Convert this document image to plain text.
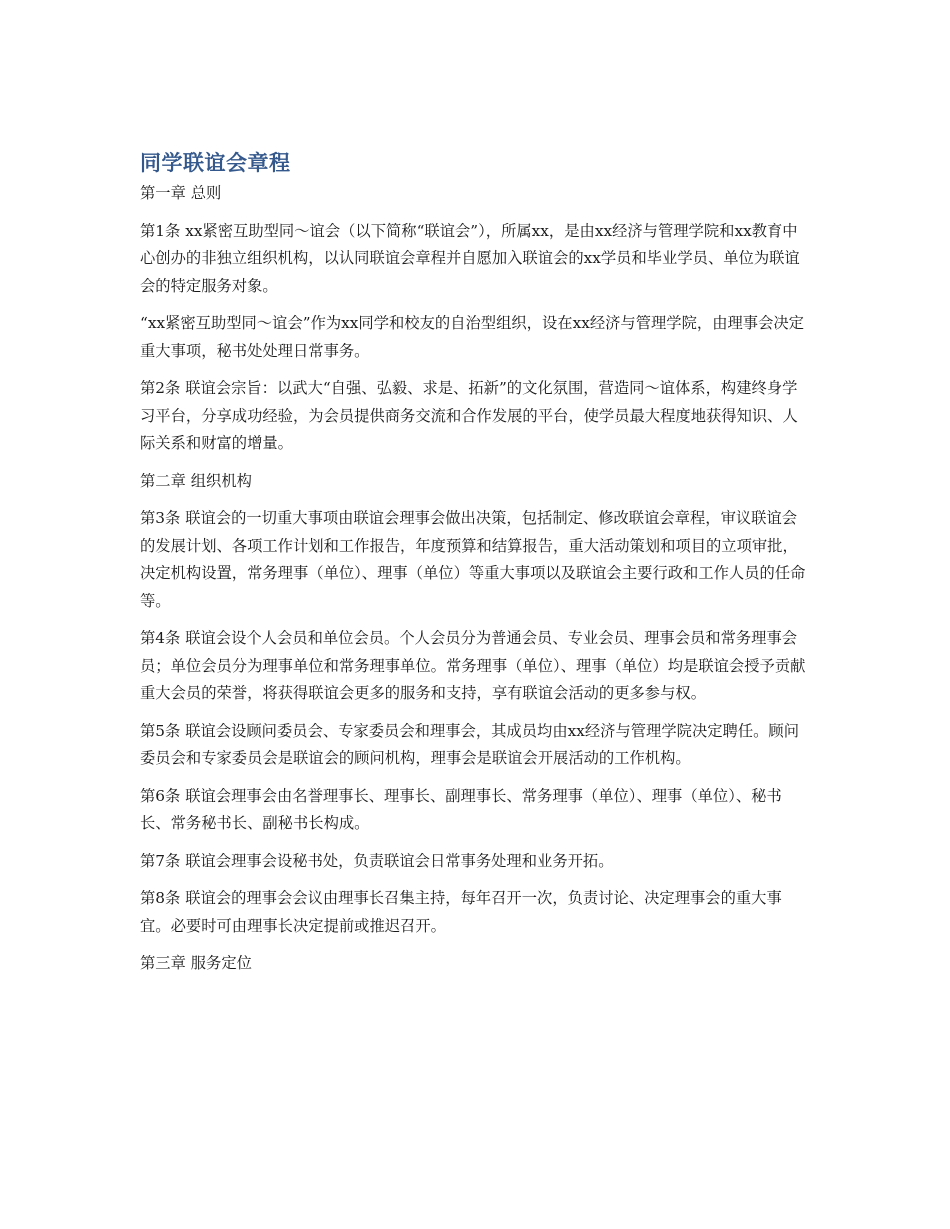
同学联谊会章程

第一章 总则

第1条 xx紧密互助型同～谊会（以下简称“联谊会”），所属xx，是由xx经济与管理学院和xx教育中心创办的非独立组织机构，以认同联谊会章程并自愿加入联谊会的xx学员和毕业学员、单位为联谊会的特定服务对象。

“xx紧密互助型同～谊会”作为xx同学和校友的自治型组织，设在xx经济与管理学院，由理事会决定重大事项，秘书处处理日常事务。

第2条 联谊会宗旨：以武大“自强、弘毅、求是、拓新”的文化氛围，营造同～谊体系，构建终身学习平台，分享成功经验，为会员提供商务交流和合作发展的平台，使学员最大程度地获得知识、人际关系和财富的增量。

第二章 组织机构

第3条 联谊会的一切重大事项由联谊会理事会做出决策，包括制定、修改联谊会章程，审议联谊会的发展计划、各项工作计划和工作报告，年度预算和结算报告，重大活动策划和项目的立项审批，决定机构设置，常务理事（单位）、理事（单位）等重大事项以及联谊会主要行政和工作人员的任命等。

第4条 联谊会设个人会员和单位会员。个人会员分为普通会员、专业会员、理事会员和常务理事会员；单位会员分为理事单位和常务理事单位。常务理事（单位）、理事（单位）均是联谊会授予贡献重大会员的荣誉，将获得联谊会更多的服务和支持，享有联谊会活动的更多参与权。

第5条 联谊会设顾问委员会、专家委员会和理事会，其成员均由xx经济与管理学院决定聘任。顾问委员会和专家委员会是联谊会的顾问机构，理事会是联谊会开展活动的工作机构。

第6条 联谊会理事会由名誉理事长、理事长、副理事长、常务理事（单位）、理事（单位）、秘书长、常务秘书长、副秘书长构成。

第7条 联谊会理事会设秘书处，负责联谊会日常事务处理和业务开拓。

第8条 联谊会的理事会会议由理事长召集主持，每年召开一次，负责讨论、决定理事会的重大事宜。必要时可由理事长决定提前或推迟召开。

第三章 服务定位
